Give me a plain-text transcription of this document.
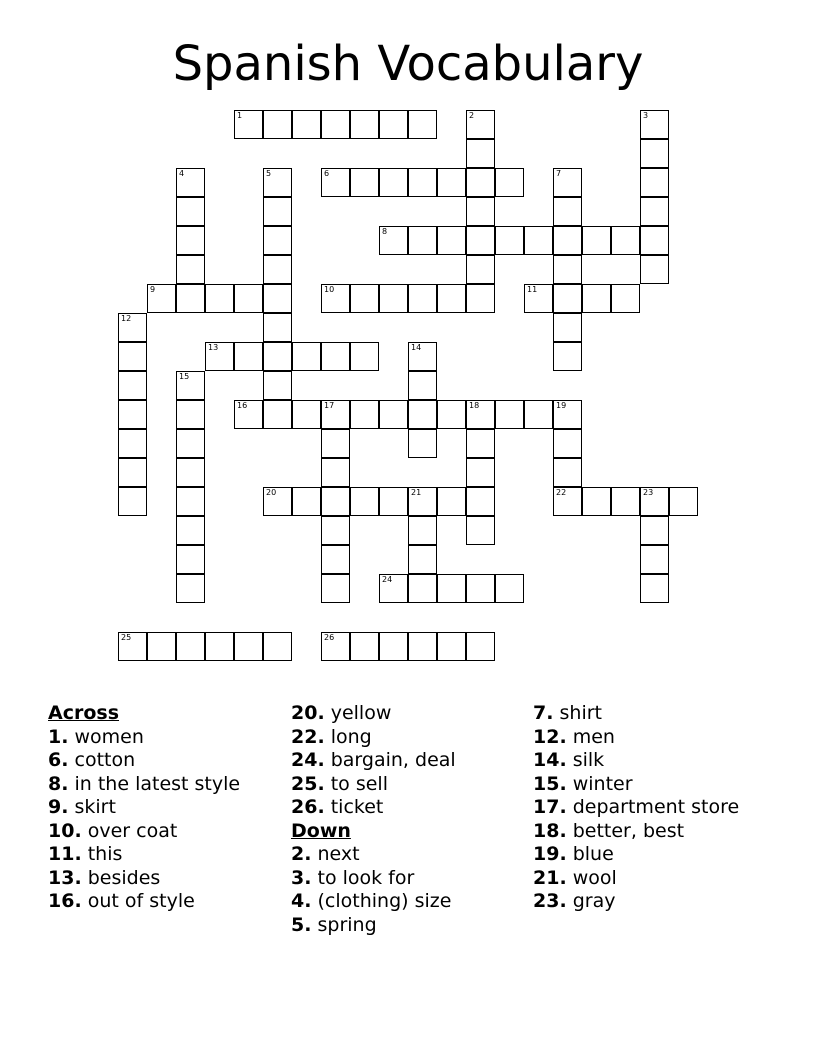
Spanish Vocabulary
1
6
8
9	10	11
13
16	17	18	19
20	21	22	23
24
25	26
2	3
4	5	7
12
14
15
Across
1. women
6. cotton
8. in the latest style
9. skirt
10. over coat
11. this
13. besides
16. out of style
20. yellow
22. long
24. bargain, deal
25. to sell
26. ticket
Down
2. next
3. to look for
4. (clothing) size
5. spring
7. shirt
12. men
14. silk
15. winter
17. department store
18. better, best
19. blue
21. wool
23. gray
